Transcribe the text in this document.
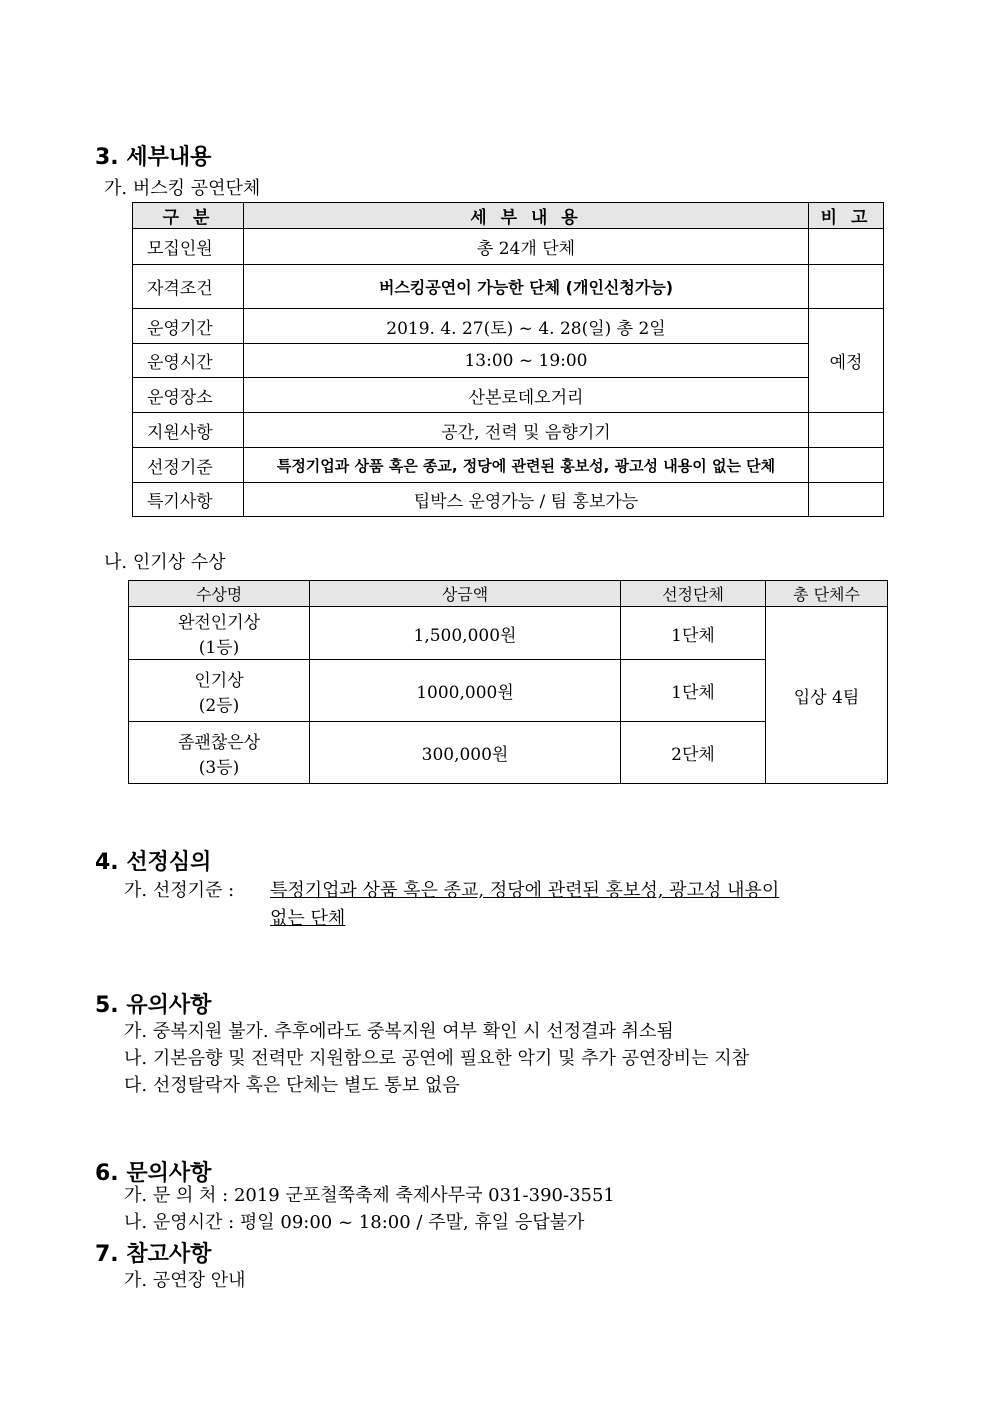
3. 세부내용
가. 버스킹 공연단체
구 분	세 부 내 용	비 고
모집인원	총 24개 단체	
자격조건	버스킹공연이 가능한 단체 (개인신청가능)	
운영기간	2019. 4. 27(토) ~ 4. 28(일) 총 2일	예정
운영시간	13:00 ~ 19:00	
운영장소	산본로데오거리	
지원사항	공간, 전력 및 음향기기	
선정기준	특정기업과 상품 혹은 종교, 정당에 관련된 홍보성, 광고성 내용이 없는 단체	
특기사항	팁박스 운영가능 / 팀 홍보가능	
나. 인기상 수상
수상명	상금액	선정단체	총 단체수

완전인기상
(1등)	1,500,000원	1단체	입상 4팀

인기상
(2등)	1000,000원	1단체	

좀괜찮은상
(3등)	300,000원	2단체	
4. 선정심의
가. 선정기준 : 특정기업과 상품 혹은 종교, 정당에 관련된 홍보성, 광고성 내용이
없는 단체
5. 유의사항
가. 중복지원 불가. 추후에라도 중복지원 여부 확인 시 선정결과 취소됨
나. 기본음향 및 전력만 지원함으로 공연에 필요한 악기 및 추가 공연장비는 지참
다. 선정탈락자 혹은 단체는 별도 통보 없음
6. 문의사항
가. 문 의 처 : 2019 군포철쭉축제 축제사무국 031-390-3551
나. 운영시간 : 평일 09:00 ~ 18:00 / 주말, 휴일 응답불가
7. 참고사항
가. 공연장 안내
